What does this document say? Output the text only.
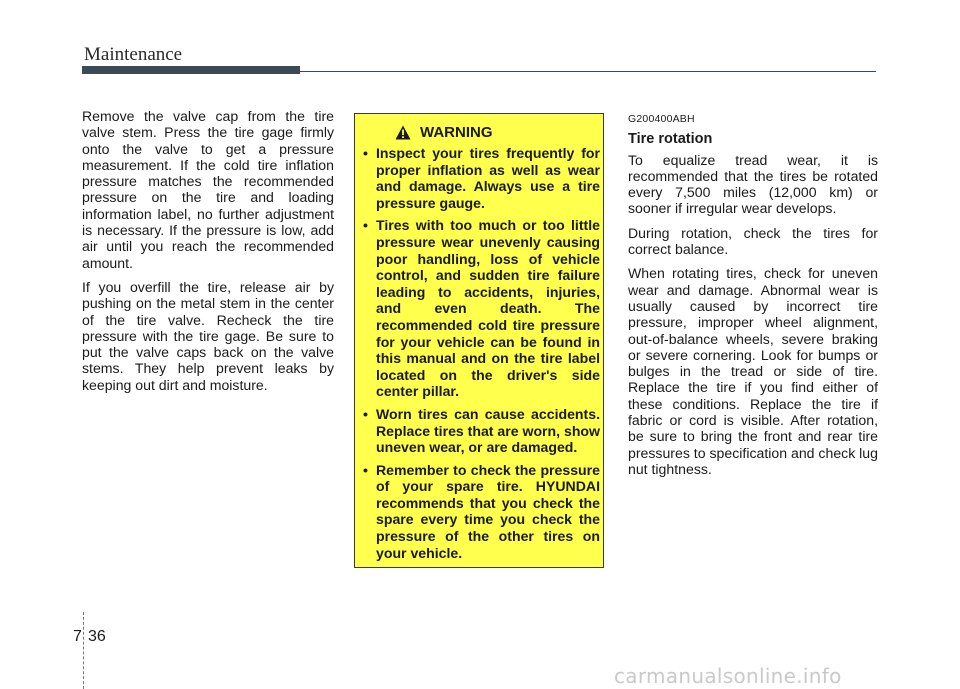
Maintenance

Remove the valve cap from the tire valve stem. Press the tire gage firmly onto the valve to get a pressure measurement. If the cold tire inflation pressure matches the recommended pressure on the tire and loading information label, no further adjustment is necessary. If the pressure is low, add air until you reach the recommended amount.

If you overfill the tire, release air by pushing on the metal stem in the center of the tire valve. Recheck the tire pressure with the tire gage. Be sure to put the valve caps back on the valve stems. They help prevent leaks by keeping out dirt and moisture.

WARNING
• Inspect your tires frequently for proper inflation as well as wear and damage. Always use a tire pressure gauge.
• Tires with too much or too little pressure wear unevenly causing poor handling, loss of vehicle control, and sudden tire failure leading to accidents, injuries, and even death. The recommended cold tire pressure for your vehicle can be found in this manual and on the tire label located on the driver's side center pillar.
• Worn tires can cause accidents. Replace tires that are worn, show uneven wear, or are damaged.
• Remember to check the pressure of your spare tire. HYUNDAI recommends that you check the spare every time you check the pressure of the other tires on your vehicle.
G200400ABH
Tire rotation

To equalize tread wear, it is recommended that the tires be rotated every 7,500 miles (12,000 km) or sooner if irregular wear develops.

During rotation, check the tires for correct balance.

When rotating tires, check for uneven wear and damage. Abnormal wear is usually caused by incorrect tire pressure, improper wheel alignment, out-of-balance wheels, severe braking or severe cornering. Look for bumps or bulges in the tread or side of tire. Replace the tire if you find either of these conditions. Replace the tire if fabric or cord is visible. After rotation, be sure to bring the front and rear tire pressures to specification and check lug nut tightness.

7 36
carmanualsonline.info
